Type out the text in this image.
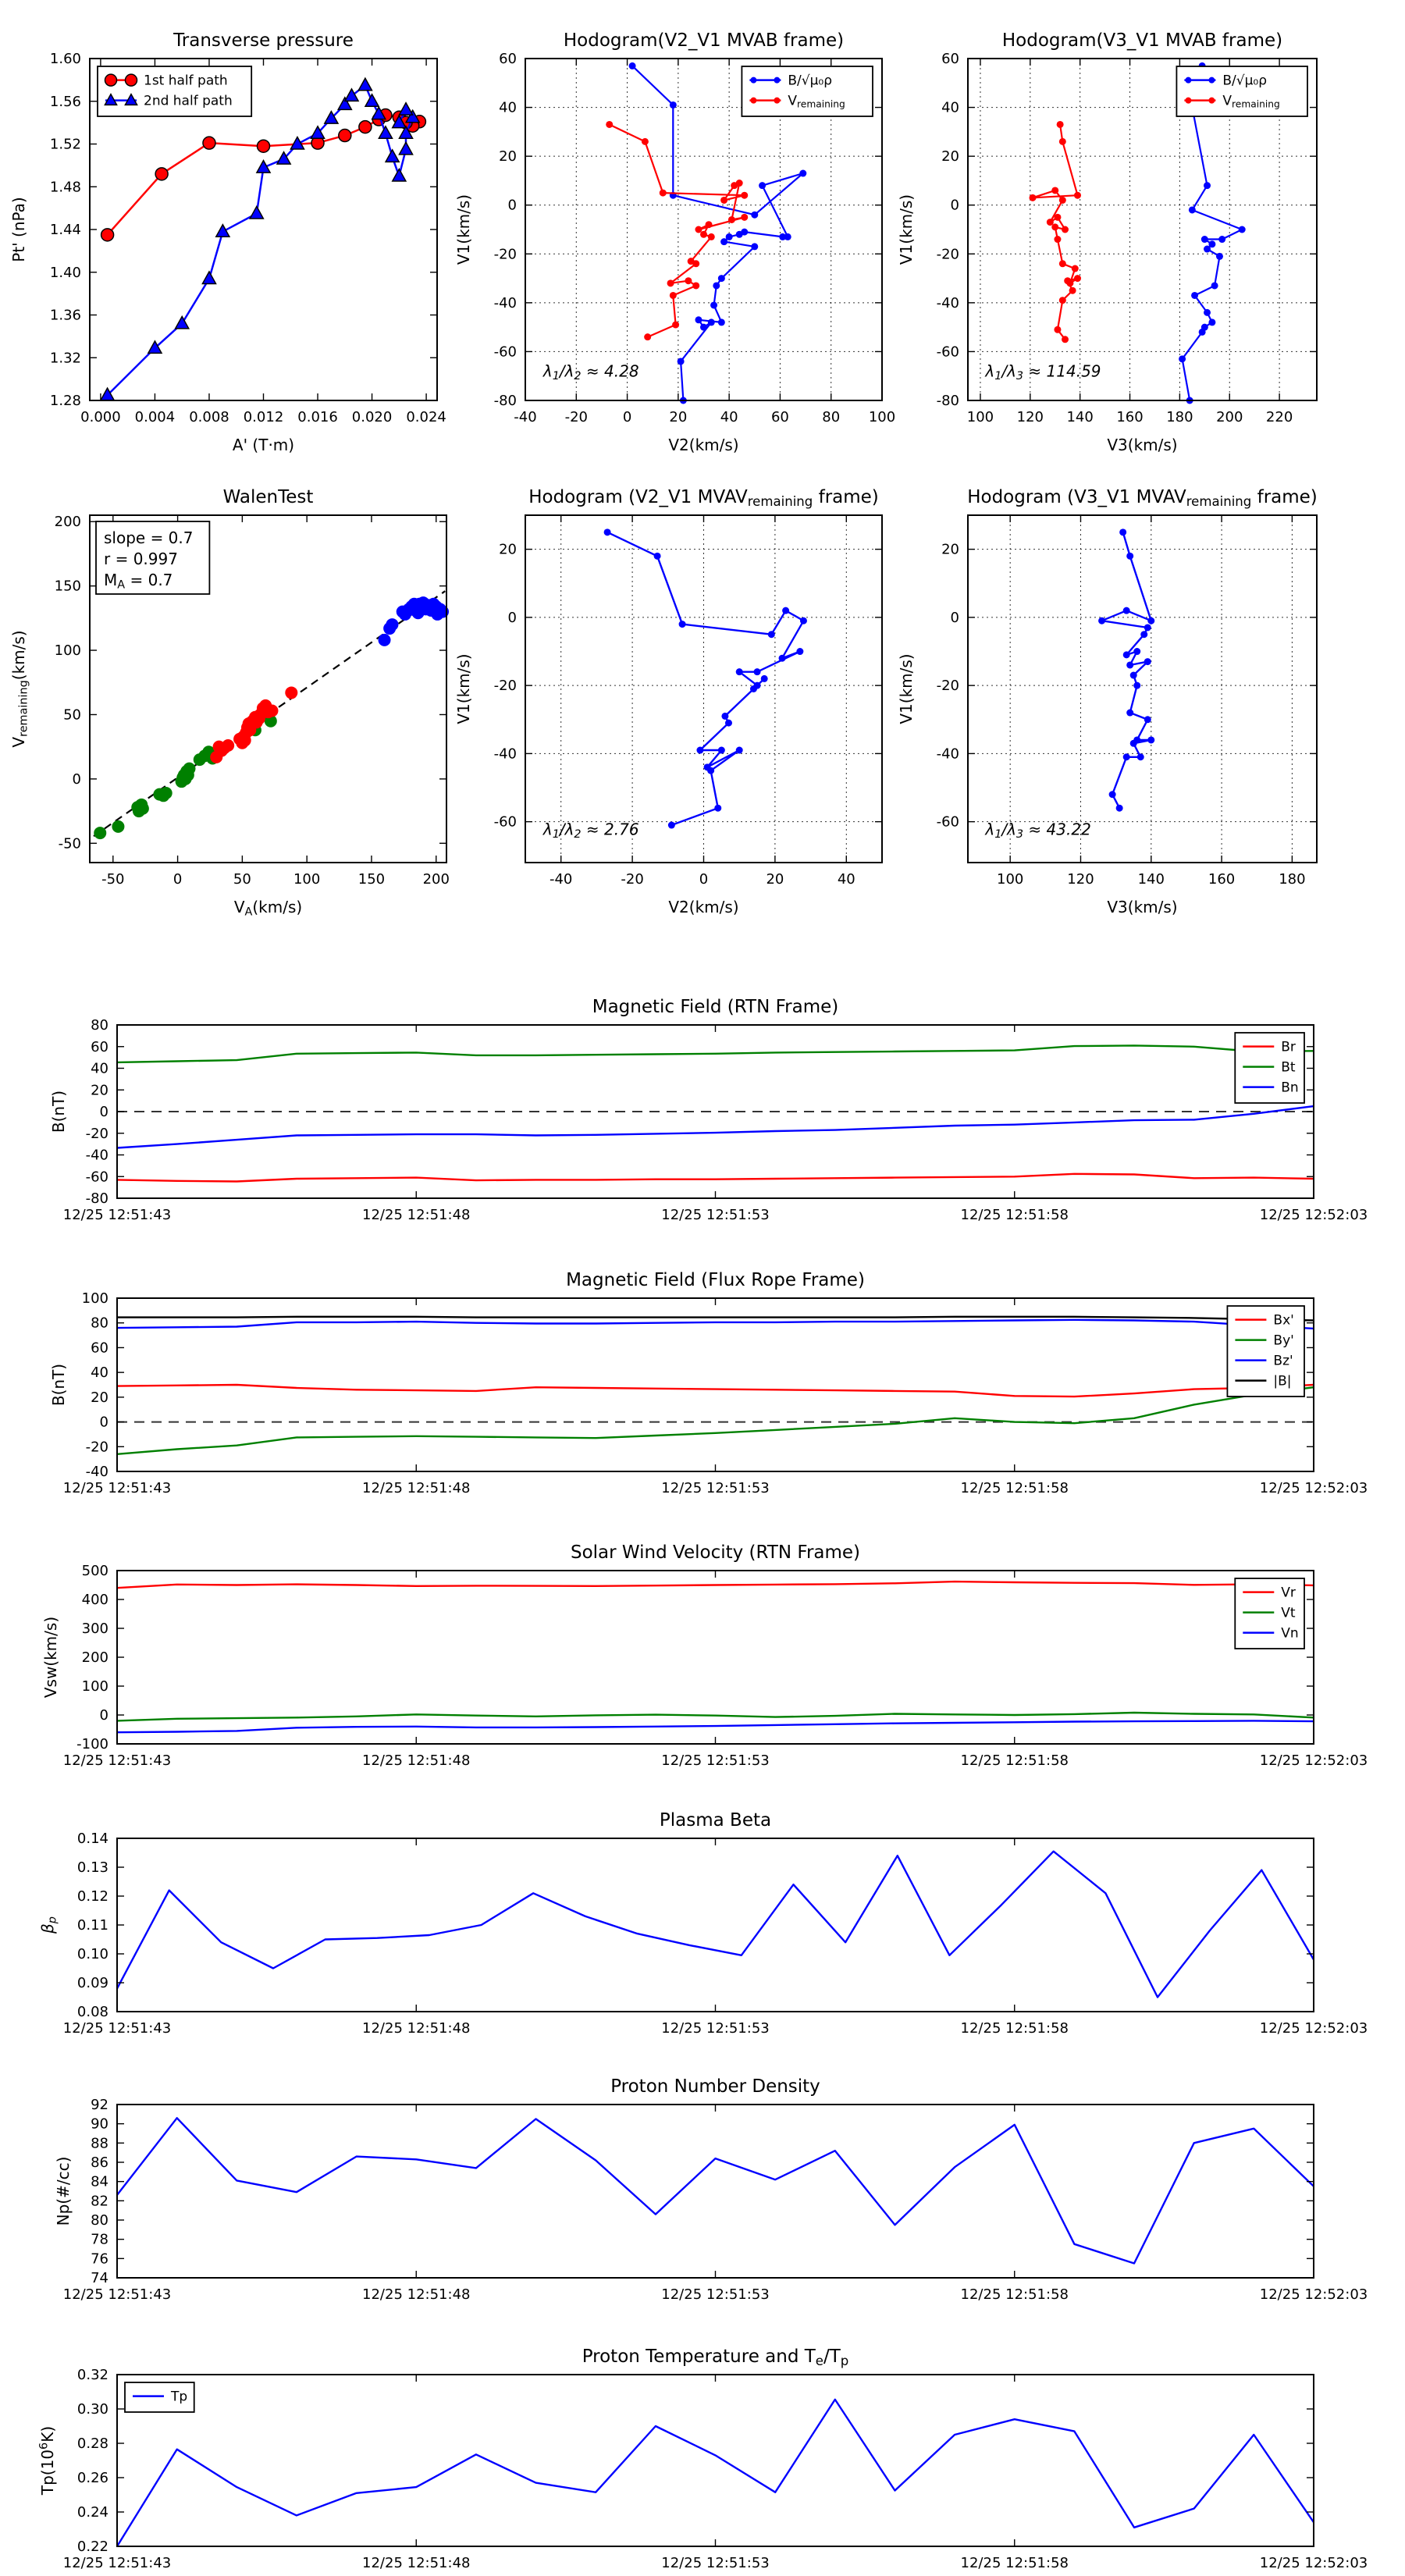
0.000 0.004 0.008 0.012 0.016 0.020 0.024
1.28
1.32
1.36
1.40
1.44
1.48
1.52
1.56
1.60
Transverse pressure
A' (T·m)
Pt' (nPa)
1st half path
2nd half path
-40 -20 0	20 40 60 80 100
-80
-60
-40
-20
0
20
40
60
Hodogram(V2_V1 MVAB frame)
V2(km/s)
V1(km/s)
B/√μ₀ρ
Vremaining
λ1/λ2 ≈ 4.28
100 120 140 160 180 200 220
-80
-60
-40
-20
0
20
40
60
Hodogram(V3_V1 MVAB frame)
V3(km/s)
V1(km/s)
B/√μ₀ρ
Vremaining
λ1/λ3 ≈ 114.59
-50	0	50	100	150	200
-50
0
50
100
150
200
WalenTest
VA(km/s)
Vremaining(km/s)
slope = 0.7
r = 0.997
MA = 0.7
-40	-20	0	20	40
-60
-40
-20
0
20
Hodogram (V2_V1 MVAVremaining frame)
V2(km/s)
V1(km/s)
λ1/λ2 ≈ 2.76
100	120	140	160	180
-60
-40
-20
0
20
Hodogram (V3_V1 MVAVremaining frame)
V3(km/s)
V1(km/s)
λ1/λ3 ≈ 43.22
12/25 12:51:43	12/25 12:51:48	12/25 12:51:53	12/25 12:51:58	12/25 12:52:03
-80
-60
-40
-20
0
20
40
60
80
Magnetic Field (RTN Frame)
B(nT)
Br
Bt
Bn
12/25 12:51:43	12/25 12:51:48	12/25 12:51:53	12/25 12:51:58	12/25 12:52:03
-40
-20
0
20
40
60
80
100
Magnetic Field (Flux Rope Frame)
B(nT)
Bx'
By'
Bz'
|B|
12/25 12:51:43	12/25 12:51:48	12/25 12:51:53	12/25 12:51:58	12/25 12:52:03
-100
0
100
200
300
400
500
Solar Wind Velocity (RTN Frame)
Vsw(km/s)
Vr
Vt
Vn
12/25 12:51:43	12/25 12:51:48	12/25 12:51:53	12/25 12:51:58	12/25 12:52:03
0.08
0.09
0.10
0.11
0.12
0.13
0.14
Plasma Beta
βp
12/25 12:51:43	12/25 12:51:48	12/25 12:51:53	12/25 12:51:58	12/25 12:52:03
74
76
78
80
82
84
86
88
90
92
Proton Number Density
Np(#/cc)
12/25 12:51:43	12/25 12:51:48	12/25 12:51:53	12/25 12:51:58	12/25 12:52:03
0.22
0.24
0.26
0.28
0.30
0.32
Proton Temperature and Te/Tp
$Tp(10^6K)$
Tp
